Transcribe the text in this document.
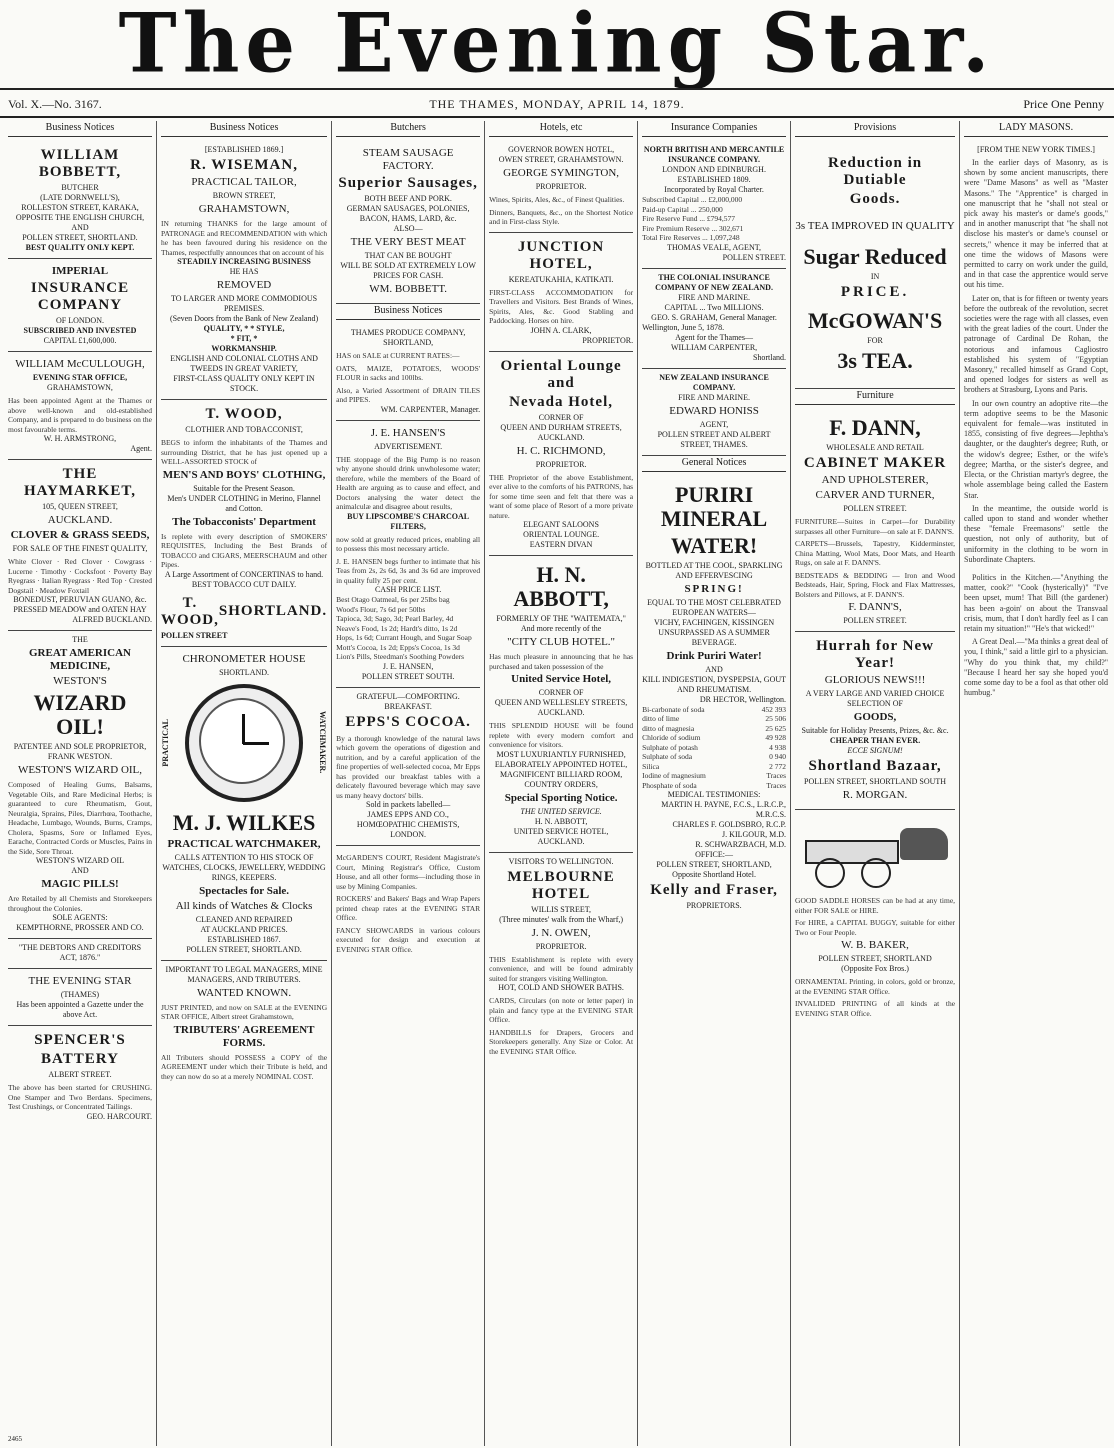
The Evening Star.
Vol. X.—No. 3167.	THE THAMES, MONDAY, APRIL 14, 1879.	Price One Penny
Business Notices
WILLIAM BOBBETT,
BUTCHER
(LATE DORNWELL'S),
ROLLESTON STREET, KARAKA,
OPPOSITE THE ENGLISH CHURCH,
AND
POLLEN STREET, SHORTLAND.
BEST QUALITY ONLY KEPT.
IMPERIAL
INSURANCE COMPANY
OF LONDON.
SUBSCRIBED AND INVESTED
CAPITAL £1,600,000.
WILLIAM McCULLOUGH,
EVENING STAR OFFICE,
GRAHAMSTOWN,
Has been appointed Agent at the Thames or above well-known and old-established Company, and is prepared to do business on the most favourable terms.
W. H. ARMSTRONG,
Agent.
THE HAYMARKET,
105, QUEEN STREET,
AUCKLAND.
CLOVER & GRASS SEEDS,
FOR SALE OF THE FINEST QUALITY,
White Clover · Red Clover · Cowgrass · Lucerne · Timothy · Cocksfoot · Poverty Bay Ryegrass · Italian Ryegrass · Red Top · Crested Dogstail · Meadow Foxtail
BONEDUST, PERUVIAN GUANO, &c.
PRESSED MEADOW and OATEN HAY
ALFRED BUCKLAND.
THE
GREAT AMERICAN MEDICINE,
WESTON'S
WIZARD OIL!
PATENTEE AND SOLE PROPRIETOR,
FRANK WESTON.
WESTON'S WIZARD OIL,
Composed of Healing Gums, Balsams, Vegetable Oils, and Rare Medicinal Herbs; is guaranteed to cure Rheumatism, Gout, Neuralgia, Sprains, Piles, Diarrhœa, Toothache, Headache, Lumbago, Wounds, Burns, Cramps, Cholera, Spasms, Sore or Inflamed Eyes, Earache, Contracted Cords or Muscles, Pains in the Side, Sore Throat.
WESTON'S WIZARD OIL
AND
MAGIC PILLS!
Are Retailed by all Chemists and Storekeepers throughout the Colonies.
SOLE AGENTS:
KEMPTHORNE, PROSSER AND CO.
"THE DEBTORS AND CREDITORS
ACT, 1876."
THE EVENING STAR
(THAMES)
Has been appointed a Gazette under the above Act.
SPENCER'S
BATTERY
ALBERT STREET.
The above has been started for CRUSHING. One Stamper and Two Berdans. Specimens, Test Crushings, or Concentrated Tailings.
GEO. HARCOURT.
2465
Business Notices
[ESTABLISHED 1869.]
R. WISEMAN,
PRACTICAL TAILOR,
BROWN STREET,
GRAHAMSTOWN,
IN returning THANKS for the large amount of PATRONAGE and RECOMMENDATION with which he has been favoured during his residence on the Thames, respectfully announces that on account of his
STEADILY INCREASING BUSINESS
HE HAS
REMOVED
TO LARGER AND MORE COMMODIOUS PREMISES.
(Seven Doors from the Bank of New Zealand)
QUALITY, * * STYLE,
* FIT, *
WORKMANSHIP.
ENGLISH AND COLONIAL CLOTHS AND TWEEDS IN GREAT VARIETY,
FIRST-CLASS QUALITY ONLY KEPT IN STOCK.
T. WOOD,
CLOTHIER AND TOBACCONIST,
BEGS to inform the inhabitants of the Thames and surrounding District, that he has just opened up a WELL-ASSORTED STOCK of
MEN'S AND BOYS' CLOTHING,
Suitable for the Present Season.
Men's UNDER CLOTHING in Merino, Flannel and Cotton.
The Tobacconists' Department
Is replete with every description of SMOKERS' REQUISITES, Including the Best Brands of TOBACCO and CIGARS, MEERSCHAUM and other Pipes.
A Large Assortment of CONCERTINAS to hand.
BEST TOBACCO CUT DAILY.
T. WOOD,
SHORTLAND.
POLLEN STREET
CHRONOMETER HOUSE
SHORTLAND.
PRACTICAL	WATCHMAKER.
M. J. WILKES
PRACTICAL WATCHMAKER,
CALLS ATTENTION TO HIS STOCK OF
WATCHES, CLOCKS, JEWELLERY, WEDDING RINGS, KEEPERS.
Spectacles for Sale.
All kinds of Watches & Clocks
CLEANED AND REPAIRED
AT AUCKLAND PRICES.
ESTABLISHED 1867.
POLLEN STREET, SHORTLAND.
IMPORTANT TO LEGAL MANAGERS, MINE MANAGERS, AND TRIBUTERS.
WANTED KNOWN.
JUST PRINTED, and now on SALE at the EVENING STAR OFFICE, Albert street Grahamstown,
TRIBUTERS' AGREEMENT FORMS.
All Tributers should POSSESS a COPY of the AGREEMENT under which their Tribute is held, and they can now do so at a merely NOMINAL COST.
Butchers
STEAM SAUSAGE FACTORY.
Superior Sausages,
BOTH BEEF AND PORK.
GERMAN SAUSAGES, POLONIES,
BACON, HAMS, LARD, &c.
ALSO—
THE VERY BEST MEAT
THAT CAN BE BOUGHT
WILL BE SOLD AT EXTREMELY LOW
PRICES FOR CASH.
WM. BOBBETT.
Business Notices
THAMES PRODUCE COMPANY,
SHORTLAND,
HAS on SALE at CURRENT RATES:—
OATS, MAIZE, POTATOES, WOODS' FLOUR in sacks and 100lbs.
Also, a Varied Assortment of DRAIN TILES and PIPES.
WM. CARPENTER, Manager.
J. E. HANSEN'S
ADVERTISEMENT.
THE stoppage of the Big Pump is no reason why anyone should drink unwholesome water; therefore, while the members of the Board of Health are arguing as to cause and effect, and Doctors analysing the water detect the animalculæ and disagree about results,
BUY LIPSCOMBE'S CHARCOAL FILTERS,
now sold at greatly reduced prices, enabling all to possess this most necessary article.
J. E. HANSEN begs further to intimate that his Teas from 2s, 2s 6d, 3s and 3s 6d are improved in quality fully 25 per cent.
CASH PRICE LIST.
Best Otago Oatmeal, 6s per 25lbs bag
Wood's Flour, 7s 6d per 50lbs
Tapioca, 3d; Sago, 3d; Pearl Barley, 4d
Neave's Food, 1s 2d; Hardt's ditto, 1s 2d
Hops, 1s 6d; Currant Hough, and Sugar Soap
Mott's Cocoa, 1s 2d; Epps's Cocoa, 1s 3d
Lion's Pills, Steedman's Soothing Powders
J. E. HANSEN,
POLLEN STREET SOUTH.
GRATEFUL—COMFORTING.
BREAKFAST.
EPPS'S COCOA.
By a thorough knowledge of the natural laws which govern the operations of digestion and nutrition, and by a careful application of the fine properties of well-selected cocoa, Mr Epps has provided our breakfast tables with a delicately flavoured beverage which may save us many heavy doctors' bills.
Sold in packets labelled—
JAMES EPPS AND CO.,
HOMŒOPATHIC CHEMISTS,
LONDON.
McGARDEN'S COURT, Resident Magistrate's Court, Mining Registrar's Office, Custom House, and all other forms—including those in use by Mining Companies.
ROCKERS' and Bakers' Bags and Wrap Papers printed cheap rates at the EVENING STAR Office.
FANCY SHOWCARDS in various colours executed for design and execution at EVENING STAR Office.
Hotels, etc
GOVERNOR BOWEN HOTEL,
OWEN STREET, GRAHAMSTOWN.
GEORGE SYMINGTON,
PROPRIETOR.
Wines, Spirits, Ales, &c., of Finest Qualities.
Dinners, Banquets, &c., on the Shortest Notice and in First-class Style.
JUNCTION HOTEL,
KEREATUKAHIA, KATIKATI.
FIRST-CLASS ACCOMMODATION for Travellers and Visitors. Best Brands of Wines, Spirits, Ales, &c. Good Stabling and Paddocking. Horses on hire.
JOHN A. CLARK,
PROPRIETOR.
Oriental Lounge and
Nevada Hotel,
CORNER OF
QUEEN AND DURHAM STREETS,
AUCKLAND.
H. C. RICHMOND,
PROPRIETOR.
THE Proprietor of the above Establishment, ever alive to the comforts of his PATRONS, has for some time seen and felt that there was a want of some place of Resort of a more private nature.
ELEGANT SALOONS
ORIENTAL LOUNGE.
EASTERN DIVAN
H. N. ABBOTT,
FORMERLY OF THE "WAITEMATA,"
And more recently of the
"CITY CLUB HOTEL."
Has much pleasure in announcing that he has purchased and taken possession of the
United Service Hotel,
CORNER OF
QUEEN AND WELLESLEY STREETS,
AUCKLAND.
THIS SPLENDID HOUSE will be found replete with every modern comfort and convenience for visitors.
MOST LUXURIANTLY FURNISHED,
ELABORATELY APPOINTED HOTEL,
MAGNIFICENT BILLIARD ROOM,
COUNTRY ORDERS,
Special Sporting Notice.
THE UNITED SERVICE.
H. N. ABBOTT,
UNITED SERVICE HOTEL,
AUCKLAND.
VISITORS TO WELLINGTON.
MELBOURNE HOTEL
WILLIS STREET,
(Three minutes' walk from the Wharf,)
J. N. OWEN,
PROPRIETOR.
THIS Establishment is replete with every convenience, and will be found admirably suited for strangers visiting Wellington.
HOT, COLD AND SHOWER BATHS.
CARDS, Circulars (on note or letter paper) in plain and fancy type at the EVENING STAR Office.
HANDBILLS for Drapers, Grocers and Storekeepers generally. Any Size or Color. At the EVENING STAR Office.
Insurance Companies
NORTH BRITISH AND MERCANTILE INSURANCE COMPANY.
LONDON AND EDINBURGH.
ESTABLISHED 1809.
Incorporated by Royal Charter.
Subscribed Capital ... £2,000,000
Paid-up Capital ... 250,000
Fire Reserve Fund ... £794,577
Fire Premium Reserve ... 302,671
Total Fire Reserves ... 1,097,248
THOMAS VEALE, AGENT,
POLLEN STREET.
THE COLONIAL INSURANCE COMPANY OF NEW ZEALAND.
FIRE AND MARINE.
CAPITAL ... Two MILLIONS.
GEO. S. GRAHAM, General Manager.
Wellington, June 5, 1878.
Agent for the Thames—
WILLIAM CARPENTER,
Shortland.
NEW ZEALAND INSURANCE COMPANY.
FIRE AND MARINE.
EDWARD HONISS
AGENT,
POLLEN STREET AND ALBERT STREET, THAMES.
General Notices
PURIRI MINERAL
WATER!
BOTTLED AT THE COOL, SPARKLING AND EFFERVESCING
SPRING!
EQUAL TO THE MOST CELEBRATED EUROPEAN WATERS—
VICHY, FACHINGEN, KISSINGEN
UNSURPASSED AS A SUMMER BEVERAGE.
Drink Puriri Water!
AND
KILL INDIGESTION, DYSPEPSIA, GOUT AND RHEUMATISM.
DR HECTOR, Wellington.
Bi-carbonate of soda	452 393
ditto of lime	25 506
ditto of magnesia	25 625
Chloride of sodium	49 928
Sulphate of potash	4 938
Sulphate of soda	0 940
Silica	2 772
Iodine of magnesium	Traces
Phosphate of soda	Traces
MEDICAL TESTIMONIES:
MARTIN H. PAYNE, F.C.S., L.R.C.P., M.R.C.S.
CHARLES F. GOLDSBRO, R.C.P.
J. KILGOUR, M.D.
R. SCHWARZBACH, M.D.
OFFICE:—
POLLEN STREET, SHORTLAND,
Opposite Shortland Hotel.
Kelly and Fraser,
PROPRIETORS.
Provisions
Reduction in Dutiable
Goods.
3s TEA IMPROVED IN QUALITY
Sugar Reduced
IN
PRICE.
McGOWAN'S
FOR
3s TEA.
Furniture
F. DANN,
WHOLESALE AND RETAIL
CABINET MAKER
AND UPHOLSTERER,
CARVER AND TURNER,
POLLEN STREET.
FURNITURE—Suites in Carpet—for Durability surpasses all other Furniture—on sale at F. DANN'S.
CARPETS—Brussels, Tapestry, Kidderminster, China Matting, Wool Mats, Door Mats, and Hearth Rugs, on sale at F. DANN'S.
BEDSTEADS & BEDDING — Iron and Wood Bedsteads, Hair, Spring, Flock and Flax Mattresses, Bolsters and Pillows, at F. DANN'S.
F. DANN'S,
POLLEN STREET.
Hurrah for New Year!
GLORIOUS NEWS!!!
A VERY LARGE AND VARIED CHOICE SELECTION OF
GOODS,
Suitable for Holiday Presents, Prizes, &c. &c.
CHEAPER THAN EVER.
ECCE SIGNUM!
Shortland Bazaar,
POLLEN STREET, SHORTLAND SOUTH
R. MORGAN.
GOOD SADDLE HORSES can be had at any time, either FOR SALE or HIRE.
For HIRE, a CAPITAL BUGGY, suitable for either Two or Four People.
W. B. BAKER,
POLLEN STREET, SHORTLAND
(Opposite Fox Bros.)
ORNAMENTAL Printing, in colors, gold or bronze, at the EVENING STAR Office.
INVALIDED PRINTING of all kinds at the EVENING STAR Office.
LADY MASONS.
[FROM THE NEW YORK TIMES.]
In the earlier days of Masonry, as is shown by some ancient manuscripts, there were "Dame Masons" as well as "Master Masons." The "Apprentice" is charged in one manuscript that he "shall not steal or pick away his master's or dame's goods," and in another manuscript that "he shall not disclose his master's or dame's counsel or secrets," whence it may be inferred that at one time the widows of Masons were permitted to carry on work under the guild, and in that case the apprentice would serve out his time.
Later on, that is for fifteen or twenty years before the outbreak of the revolution, secret societies were the rage with all classes, even with the great ladies of the court. Under the patronage of Cardinal De Rohan, the notorious and infamous Cagliostro established his system of "Egyptian Masonry," recalled himself as Grand Copt, and opened lodges for sisters as well as brothers at Strasburg, Lyons and Paris.
In our own country an adoptive rite—the term adoptive seems to be the Masonic equivalent for female—was instituted in 1855, consisting of five degrees—Jephtha's daughter, or the daughter's degree; Ruth, or the widow's degree; Esther, or the wife's degree; Martha, or the sister's degree, and Electa, or the Christian martyr's degree, the whole assemblage being called the Eastern Star.
In the meantime, the outside world is called upon to stand and wonder whether these "female Freemasons" settle the question, not only of authority, but of uniformity in the clothing to be worn in Subordinate Chapters.
Politics in the Kitchen.—"Anything the matter, cook?" "Cook (hysterically)" "I've been upset, mum! That Bill (the gardener) has been a-goin' on about the Transvaal crisis, mum, that I don't hardly feel as I can retain my situation!" "He's that wicked!"
A Great Deal.—"Ma thinks a great deal of you, I think," said a little girl to a physician. "Why do you think that, my child?" "Because I heard her say she hoped you'd come some day to be a fool as that other old humbug."
